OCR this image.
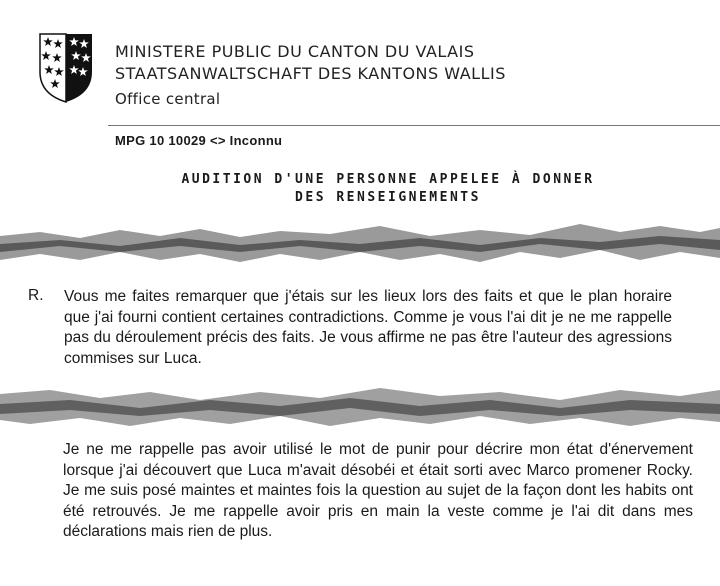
MINISTERE PUBLIC DU CANTON DU VALAIS
STAATSANWALTSCHAFT DES KANTONS WALLIS
Office central
MPG 10 10029 <> Inconnu
AUDITION D'UNE PERSONNE APPELEE À DONNER
DES RENSEIGNEMENTS
R. Vous me faites remarquer que j'étais sur les lieux lors des faits et que le plan horaire que j'ai fourni contient certaines contradictions. Comme je vous l'ai dit je ne me rappelle pas du déroulement précis des faits. Je vous affirme ne pas être l'auteur des agressions commises sur Luca.
Je ne me rappelle pas avoir utilisé le mot de punir pour décrire mon état d'énervement lorsque j'ai découvert que Luca m'avait désobéi et était sorti avec Marco promener Rocky. Je me suis posé maintes et maintes fois la question au sujet de la façon dont les habits ont été retrouvés. Je me rappelle avoir pris en main la veste comme je l'ai dit dans mes déclarations mais rien de plus.
